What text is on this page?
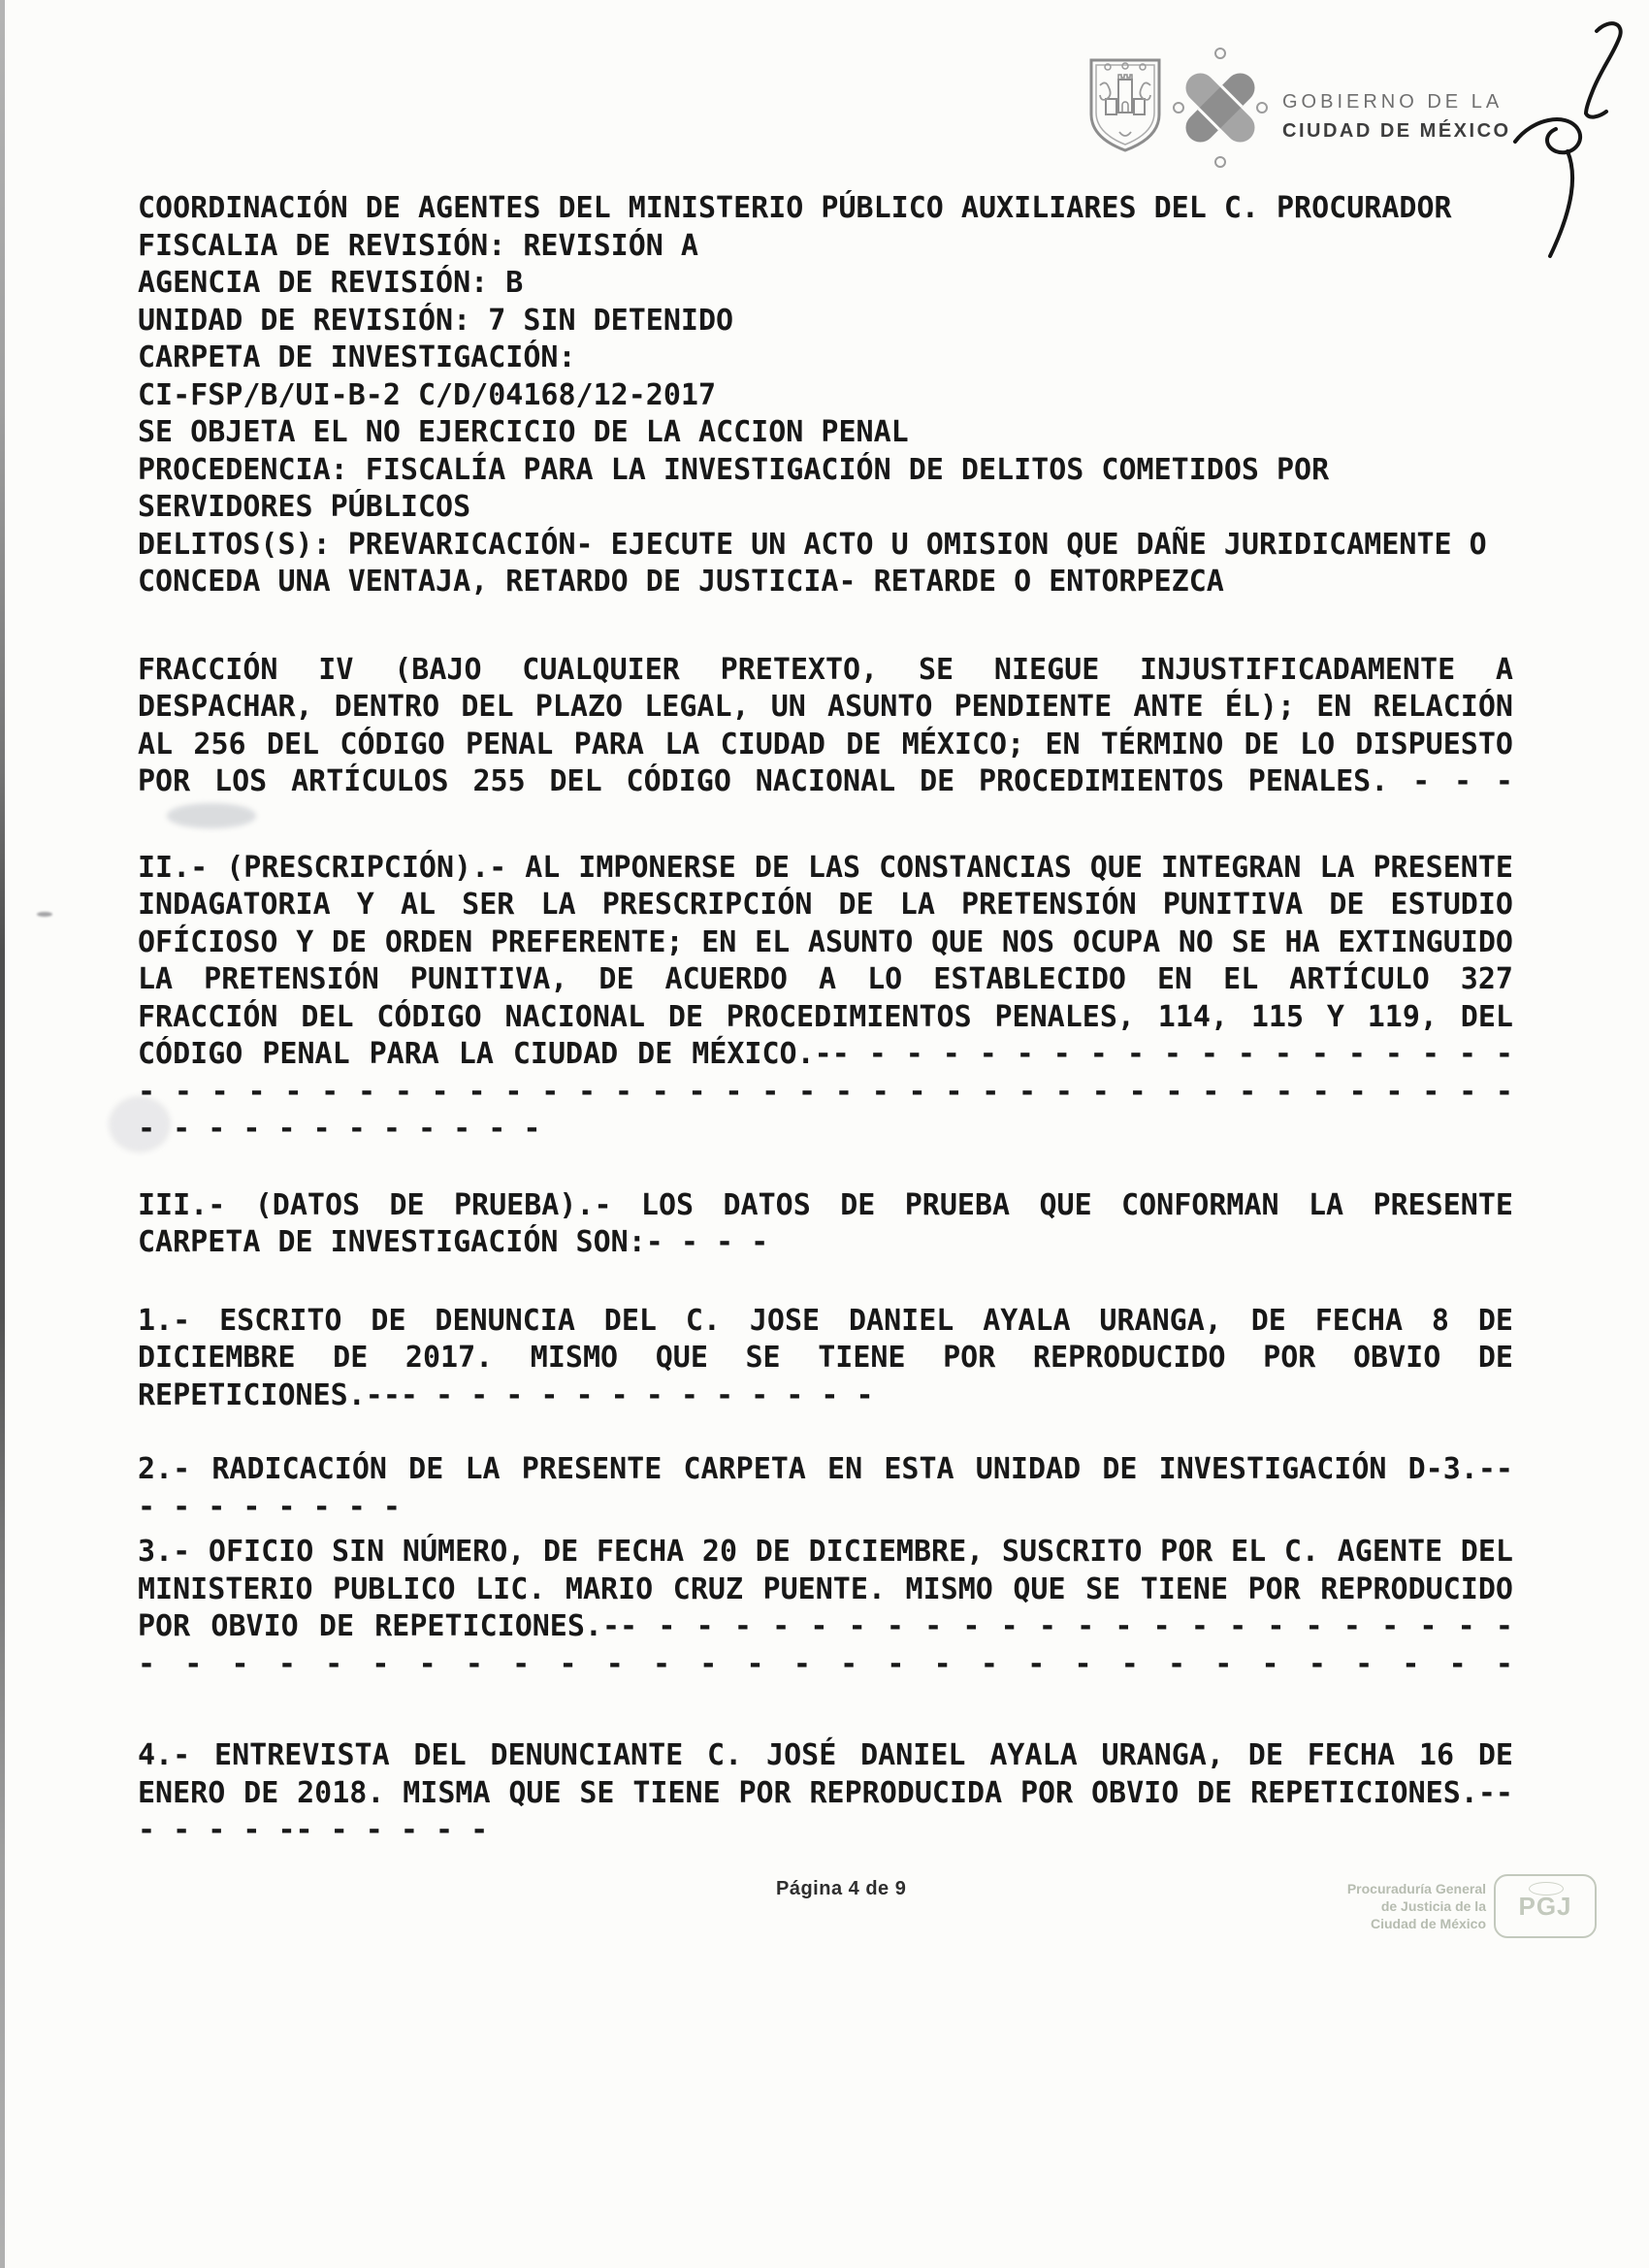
GOBIERNO DE LA
CIUDAD DE MÉXICO
COORDINACIÓN DE AGENTES DEL MINISTERIO PÚBLICO AUXILIARES DEL C. PROCURADOR
FISCALIA DE REVISIÓN: REVISIÓN A
AGENCIA DE REVISIÓN: B
UNIDAD DE REVISIÓN: 7 SIN DETENIDO
CARPETA DE INVESTIGACIÓN:
CI-FSP/B/UI-B-2 C/D/04168/12-2017
SE OBJETA EL NO EJERCICIO DE LA ACCION PENAL
PROCEDENCIA: FISCALÍA PARA LA INVESTIGACIÓN DE DELITOS COMETIDOS POR
SERVIDORES PÚBLICOS
DELITOS(S): PREVARICACIÓN- EJECUTE UN ACTO U OMISION QUE DAÑE JURIDICAMENTE O
CONCEDA UNA VENTAJA, RETARDO DE JUSTICIA- RETARDE O ENTORPEZCA
FRACCIÓN IV (BAJO CUALQUIER PRETEXTO, SE NIEGUE INJUSTIFICADAMENTE A
DESPACHAR, DENTRO DEL PLAZO LEGAL, UN ASUNTO PENDIENTE ANTE ÉL); EN RELACIÓN
AL 256 DEL CÓDIGO PENAL PARA LA CIUDAD DE MÉXICO; EN TÉRMINO DE LO DISPUESTO
POR LOS ARTÍCULOS 255 DEL CÓDIGO NACIONAL DE PROCEDIMIENTOS PENALES. - - -
II.- (PRESCRIPCIÓN).- AL IMPONERSE DE LAS CONSTANCIAS QUE INTEGRAN LA PRESENTE
INDAGATORIA Y AL SER LA PRESCRIPCIÓN DE LA PRETENSIÓN PUNITIVA DE ESTUDIO
OFÍCIOSO Y DE ORDEN PREFERENTE; EN EL ASUNTO QUE NOS OCUPA NO SE HA EXTINGUIDO
LA PRETENSIÓN PUNITIVA, DE ACUERDO A LO ESTABLECIDO EN EL ARTÍCULO 327
FRACCIÓN DEL CÓDIGO NACIONAL DE PROCEDIMIENTOS PENALES, 114, 115 Y 119, DEL
CÓDIGO PENAL PARA LA CIUDAD DE MÉXICO.-- - - - - - - - - - - - - - - - - - -
- - - - - - - - - - - - - - - - - - - - - - - - - - - - - - - - - - - - - -
- - - - - - - - - - - -
III.- (DATOS DE PRUEBA).- LOS DATOS DE PRUEBA QUE CONFORMAN LA PRESENTE
CARPETA DE INVESTIGACIÓN SON:- - - -
1.- ESCRITO DE DENUNCIA DEL C. JOSE DANIEL AYALA URANGA, DE FECHA 8 DE
DICIEMBRE DE 2017. MISMO QUE SE TIENE POR REPRODUCIDO POR OBVIO DE
REPETICIONES.--- - - - - - - - - - - - - -
2.- RADICACIÓN DE LA PRESENTE CARPETA EN ESTA UNIDAD DE INVESTIGACIÓN D-3.--
- - - - - - - -
3.- OFICIO SIN NÚMERO, DE FECHA 20 DE DICIEMBRE, SUSCRITO POR EL C. AGENTE DEL
MINISTERIO PUBLICO LIC. MARIO CRUZ PUENTE. MISMO QUE SE TIENE POR REPRODUCIDO
POR OBVIO DE REPETICIONES.-- - - - - - - - - - - - - - - - - - - - - - - -
- - - - - - - - - - - - - - - - - - - - - - - - - - - - - -
4.- ENTREVISTA DEL DENUNCIANTE C. JOSÉ DANIEL AYALA URANGA, DE FECHA 16 DE
ENERO DE 2018. MISMA QUE SE TIENE POR REPRODUCIDA POR OBVIO DE REPETICIONES.--
- - - - -- - - - - -
Página 4 de 9	Procuraduría General
de Justicia de la
Ciudad de México
PGJ
